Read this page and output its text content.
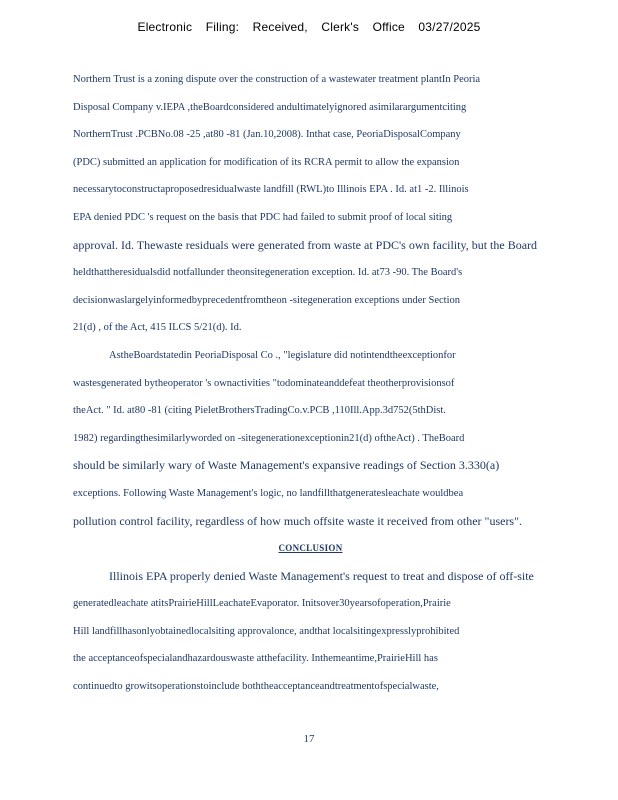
Electronic Filing: Received, Clerk's Office 03/27/2025
Northern Trust is a zoning dispute over the construction of a wastewater treatment plantIn Peoria
Disposal Company v.IEPA ,theBoardconsidered andultimatelyignored asimilarargumentciting
NorthernTrust .PCBNo.08 -25 ,at80 -81 (Jan.10,2008). Inthat case, PeoriaDisposalCompany
(PDC) submitted an application for modification of its RCRA permit to allow the expansion
necessarytoconstructaproposedresidualwaste landfill (RWL)to Illinois EPA . Id. at1 -2. Illinois
EPA denied PDC 's request on the basis that PDC had failed to submit proof of local siting
approval. Id. Thewaste residuals were generated from waste at PDC's own facility, but the Board
heldthattheresidualsdid notfallunder theonsitegeneration exception. Id. at73 -90. The Board's
decisionwaslargelyinformedbyprecedentfromtheon -sitegeneration exceptions under Section
21(d) , of the Act, 415 ILCS 5/21(d). Id.
AstheBoardstatedin PeoriaDisposal Co ., "legislature did notintendtheexceptionfor
wastesgenerated bytheoperator 's ownactivities "todominateanddefeat theotherprovisionsof
theAct. " Id. at80 -81 (citing PieletBrothersTradingCo.v.PCB ,110Ill.App.3d752(5thDist.
1982) regardingthesimilarlyworded on -sitegenerationexceptionin21(d) oftheAct) . TheBoard
should be similarly wary of Waste Management's expansive readings of Section 3.330(a)
exceptions. Following Waste Management's logic, no landfillthatgeneratesleachate wouldbea
pollution control facility, regardless of how much offsite waste it received from other "users".
CONCLUSION
Illinois EPA properly denied Waste Management's request to treat and dispose of off-site
generatedleachate atitsPrairieHillLeachateEvaporator. Initsover30yearsofoperation,Prairie
Hill landfillhasonlyobtainedlocalsiting approvalonce, andthat localsitingexpresslyprohibited
the acceptanceofspecialandhazardouswaste atthefacility. Inthemeantime,PrairieHill has
continuedto growitsoperationstoinclude boththeacceptanceandtreatmentofspecialwaste,
17
